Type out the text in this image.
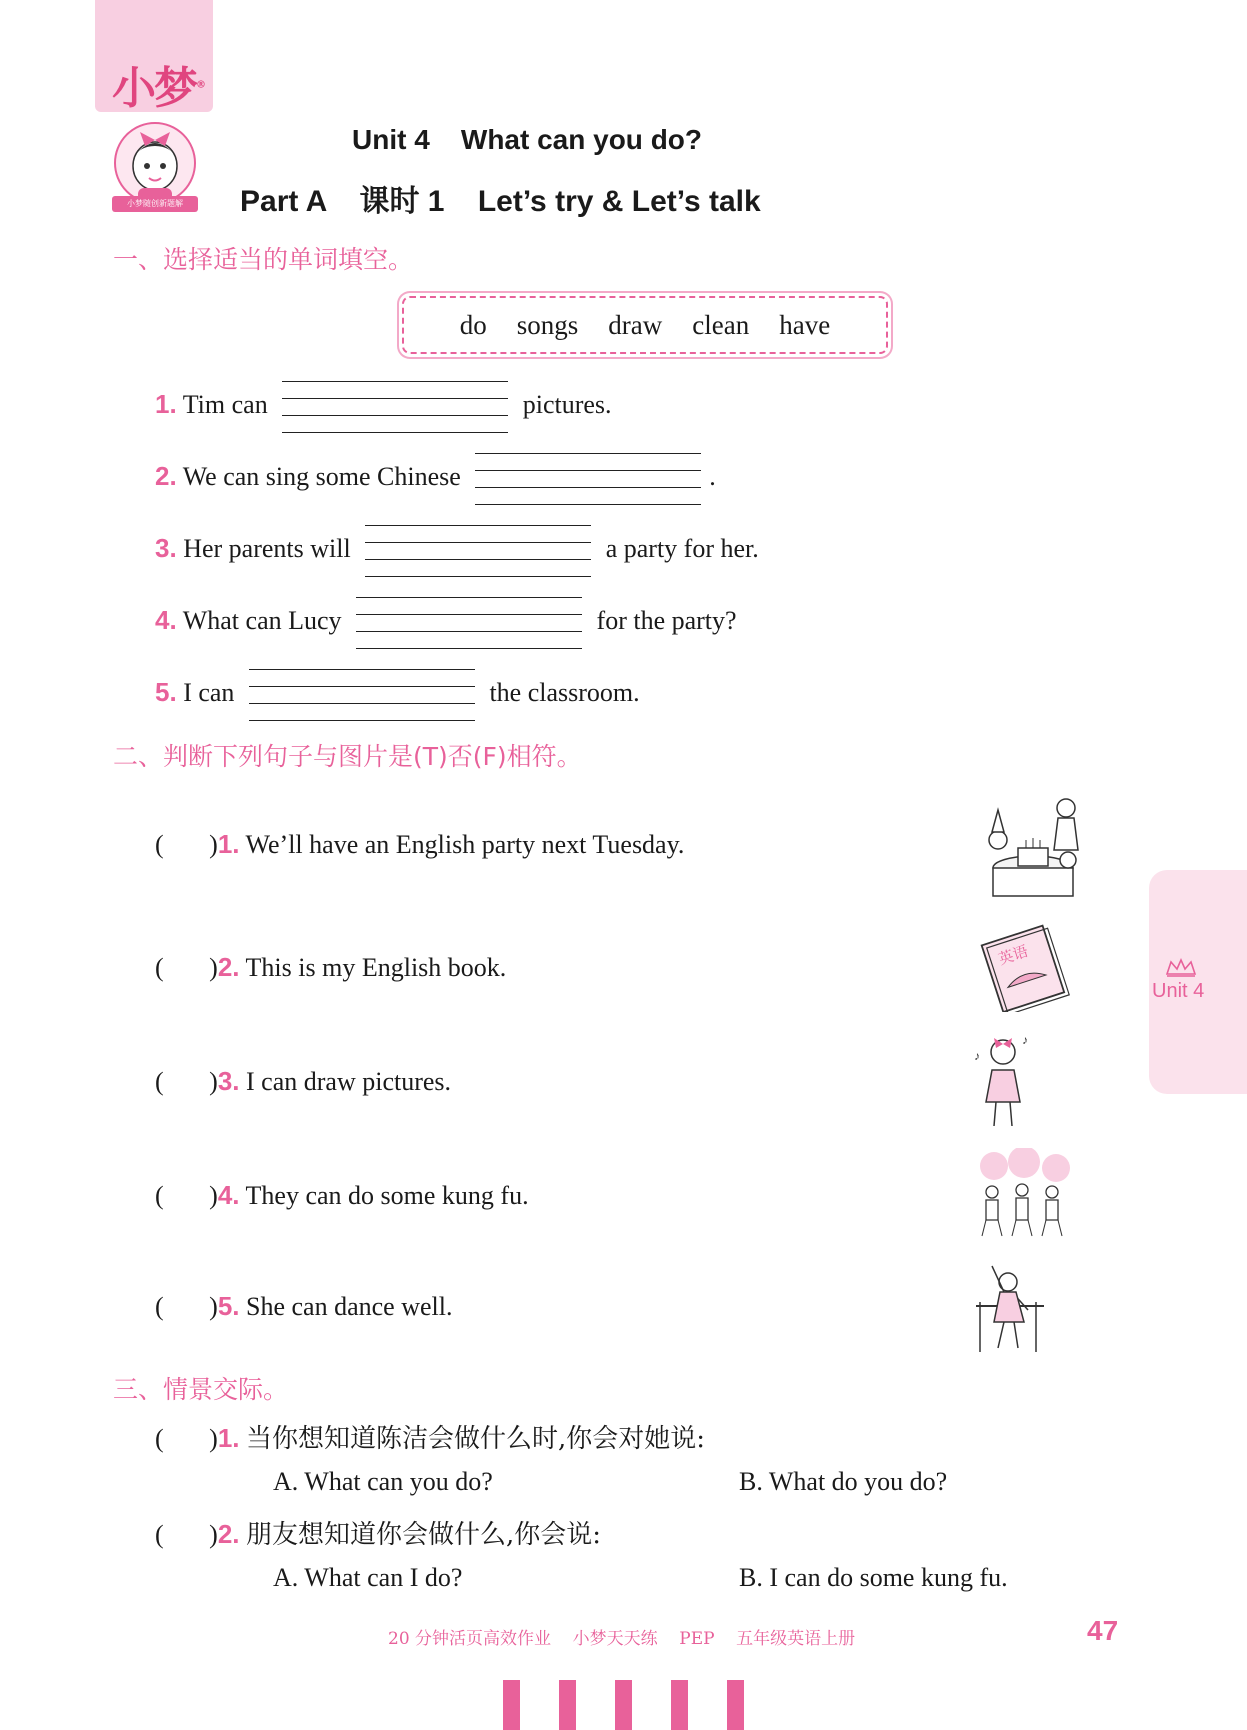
小梦®
小梦随创新题解
Unit 4    What can you do?
Part A    课时 1    Let’s try & Let’s talk
一、选择适当的单词填空。
do songs draw clean have
1. Tim can	pictures.
2. We can sing some Chinese	.
3. Her parents will	a party for her.
4. What can Lucy	for the party?
5. I can	the classroom.
二、判断下列句子与图片是(T)否(F)相符。
(       )1. We’ll have an English party next Tuesday.
(       )2. This is my English book.	英语
(       )3. I can draw pictures.
♪
♪
(       )4. They can do some kung fu.
(       )5. She can dance well.
三、情景交际。
(       )1. 当你想知道陈洁会做什么时,你会对她说:
A. What can you do?	B. What do you do?
(       )2. 朋友想知道你会做什么,你会说:
A. What can I do?	B. I can do some kung fu.
Unit 4
20 分钟活页高效作业    小梦天天练    PEP    五年级英语上册	47
